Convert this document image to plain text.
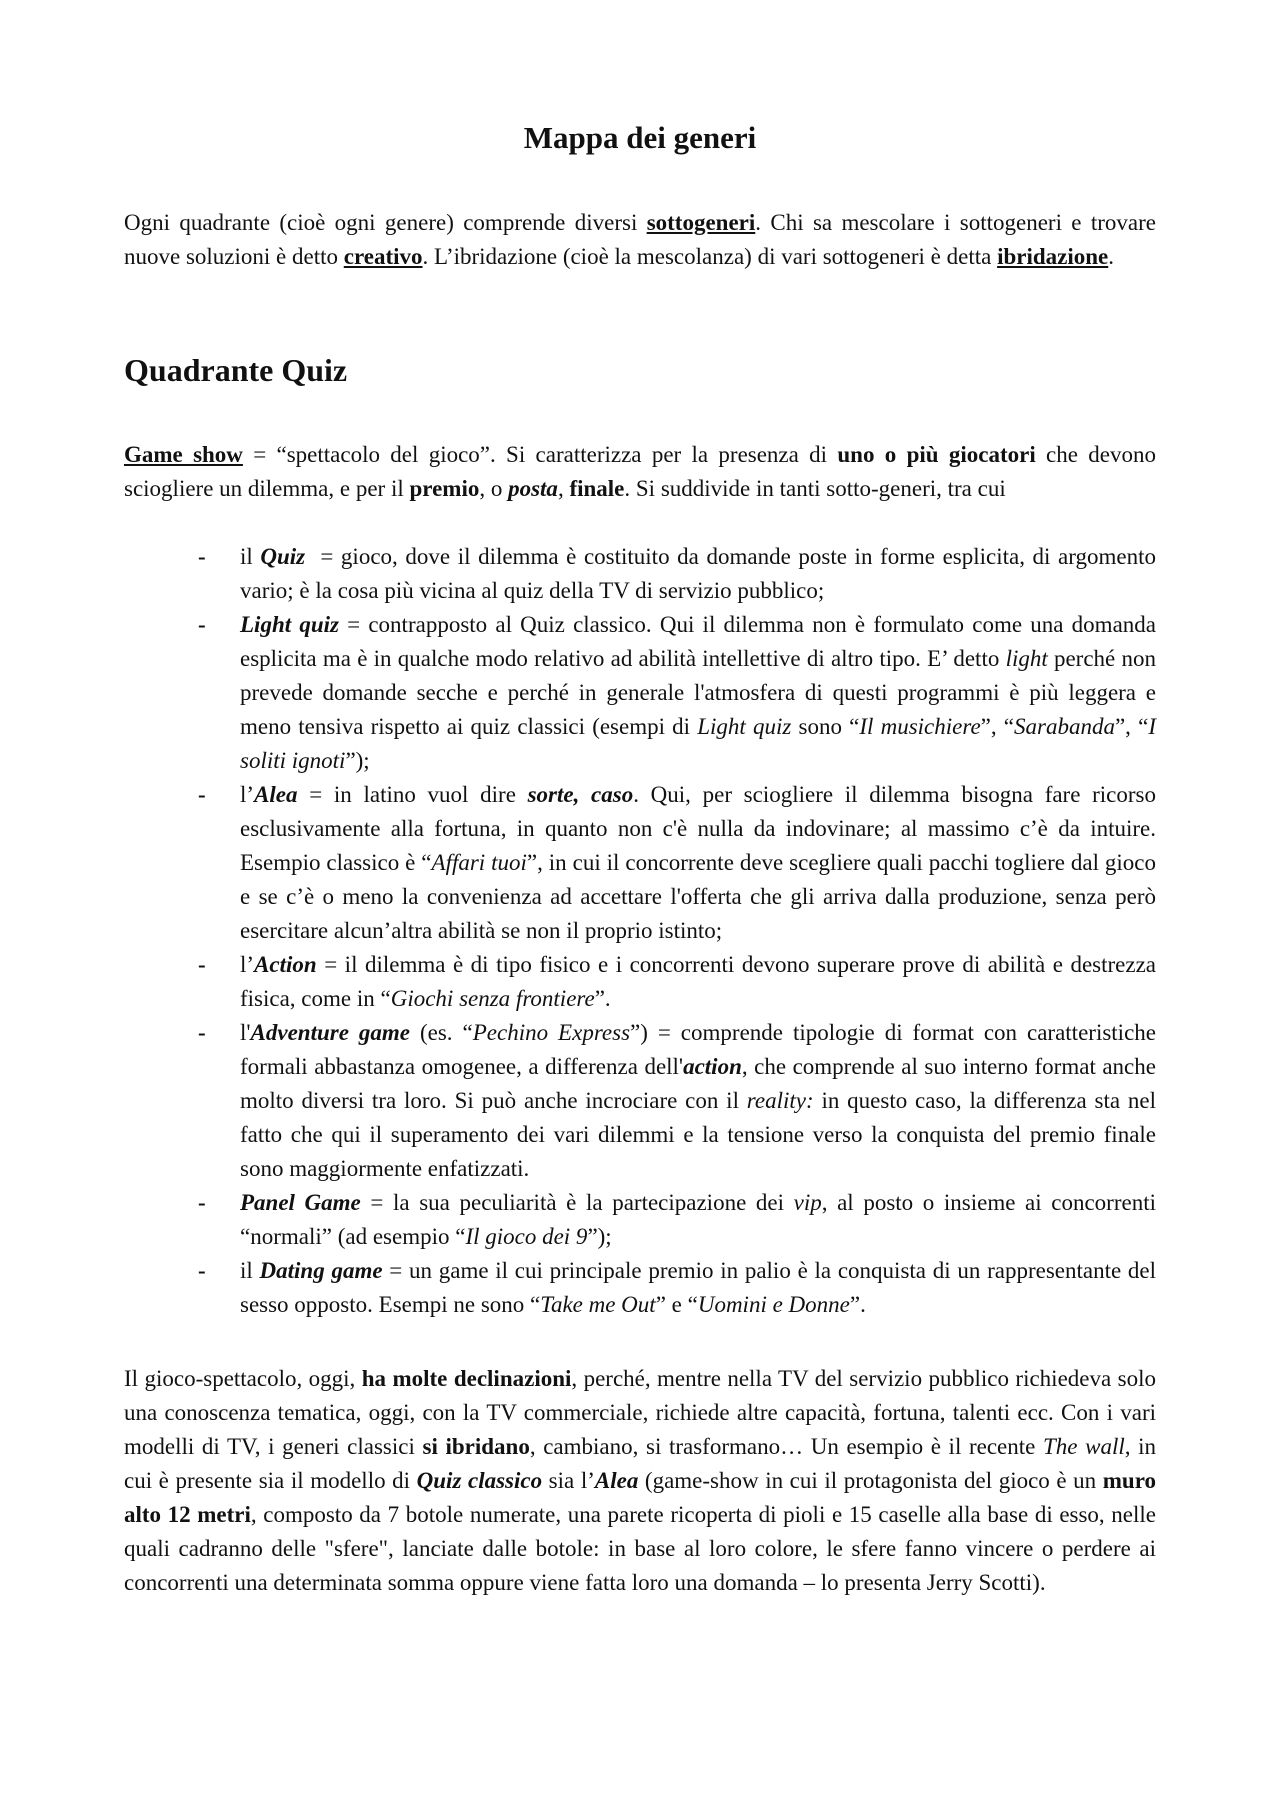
Mappa dei generi

Ogni quadrante (cioè ogni genere) comprende diversi sottogeneri. Chi sa mescolare i sottogeneri e trovare nuove soluzioni è detto creativo. L’ibridazione (cioè la mescolanza) di vari sottogeneri è detta ibridazione.

Quadrante Quiz

Game show = “spettacolo del gioco”. Si caratterizza per la presenza di uno o più giocatori che devono sciogliere un dilemma, e per il premio, o posta, finale. Si suddivide in tanti sotto-generi, tra cui

- il Quiz  = gioco, dove il dilemma è costituito da domande poste in forme esplicita, di argomento vario; è la cosa più vicina al quiz della TV di servizio pubblico;
- Light quiz = contrapposto al Quiz classico. Qui il dilemma non è formulato come una domanda esplicita ma è in qualche modo relativo ad abilità intellettive di altro tipo. E’ detto light perché non prevede domande secche e perché in generale l'atmosfera di questi programmi è più leggera e meno tensiva rispetto ai quiz classici (esempi di Light quiz sono “Il musichiere”, “Sarabanda”, “I soliti ignoti”);
- l’Alea = in latino vuol dire sorte, caso. Qui, per sciogliere il dilemma bisogna fare ricorso esclusivamente alla fortuna, in quanto non c'è nulla da indovinare; al massimo c’è da intuire. Esempio classico è “Affari tuoi”, in cui il concorrente deve scegliere quali pacchi togliere dal gioco e se c’è o meno la convenienza ad accettare l'offerta che gli arriva dalla produzione, senza però esercitare alcun’altra abilità se non il proprio istinto;
- l’Action = il dilemma è di tipo fisico e i concorrenti devono superare prove di abilità e destrezza fisica, come in “Giochi senza frontiere”.
- l'Adventure game (es. “Pechino Express”) = comprende tipologie di format con caratteristiche formali abbastanza omogenee, a differenza dell'action, che comprende al suo interno format anche molto diversi tra loro. Si può anche incrociare con il reality: in questo caso, la differenza sta nel fatto che qui il superamento dei vari dilemmi e la tensione verso la conquista del premio finale sono maggiormente enfatizzati.
- Panel Game = la sua peculiarità è la partecipazione dei vip, al posto o insieme ai concorrenti “normali” (ad esempio “Il gioco dei 9”);
- il Dating game = un game il cui principale premio in palio è la conquista di un rappresentante del sesso opposto. Esempi ne sono “Take me Out” e “Uomini e Donne”.

Il gioco-spettacolo, oggi, ha molte declinazioni, perché, mentre nella TV del servizio pubblico richiedeva solo una conoscenza tematica, oggi, con la TV commerciale, richiede altre capacità, fortuna, talenti ecc. Con i vari modelli di TV, i generi classici si ibridano, cambiano, si trasformano… Un esempio è il recente The wall, in cui è presente sia il modello di Quiz classico sia l’Alea (game-show in cui il protagonista del gioco è un muro alto 12 metri, composto da 7 botole numerate, una parete ricoperta di pioli e 15 caselle alla base di esso, nelle quali cadranno delle "sfere", lanciate dalle botole: in base al loro colore, le sfere fanno vincere o perdere ai concorrenti una determinata somma oppure viene fatta loro una domanda – lo presenta Jerry Scotti).
